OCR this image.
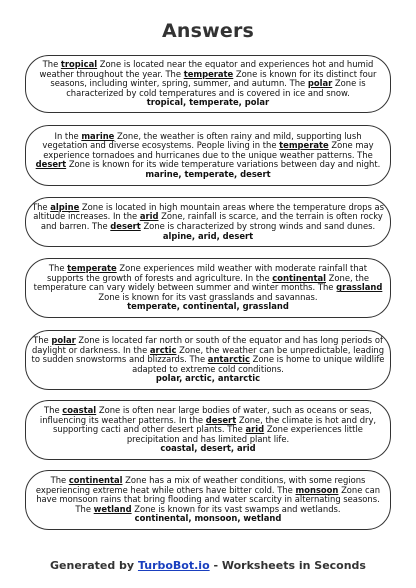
Answers
The tropical Zone is located near the equator and experiences hot and humid weather throughout the year. The temperate Zone is known for its distinct four seasons, including winter, spring, summer, and autumn. The polar Zone is characterized by cold temperatures and is covered in ice and snow.
tropical, temperate, polar
In the marine Zone, the weather is often rainy and mild, supporting lush vegetation and diverse ecosystems. People living in the temperate Zone may experience tornadoes and hurricanes due to the unique weather patterns. The desert Zone is known for its wide temperature variations between day and night.
marine, temperate, desert
The alpine Zone is located in high mountain areas where the temperature drops as altitude increases. In the arid Zone, rainfall is scarce, and the terrain is often rocky and barren. The desert Zone is characterized by strong winds and sand dunes.
alpine, arid, desert
The temperate Zone experiences mild weather with moderate rainfall that supports the growth of forests and agriculture. In the continental Zone, the temperature can vary widely between summer and winter months. The grassland Zone is known for its vast grasslands and savannas.
temperate, continental, grassland
The polar Zone is located far north or south of the equator and has long periods of daylight or darkness. In the arctic Zone, the weather can be unpredictable, leading to sudden snowstorms and blizzards. The antarctic Zone is home to unique wildlife adapted to extreme cold conditions.
polar, arctic, antarctic
The coastal Zone is often near large bodies of water, such as oceans or seas, influencing its weather patterns. In the desert Zone, the climate is hot and dry, supporting cacti and other desert plants. The arid Zone experiences little precipitation and has limited plant life.
coastal, desert, arid
The continental Zone has a mix of weather conditions, with some regions experiencing extreme heat while others have bitter cold. The monsoon Zone can have monsoon rains that bring flooding and water scarcity in alternating seasons. The wetland Zone is known for its vast swamps and wetlands.
continental, monsoon, wetland
Generated by TurboBot.io - Worksheets in Seconds
